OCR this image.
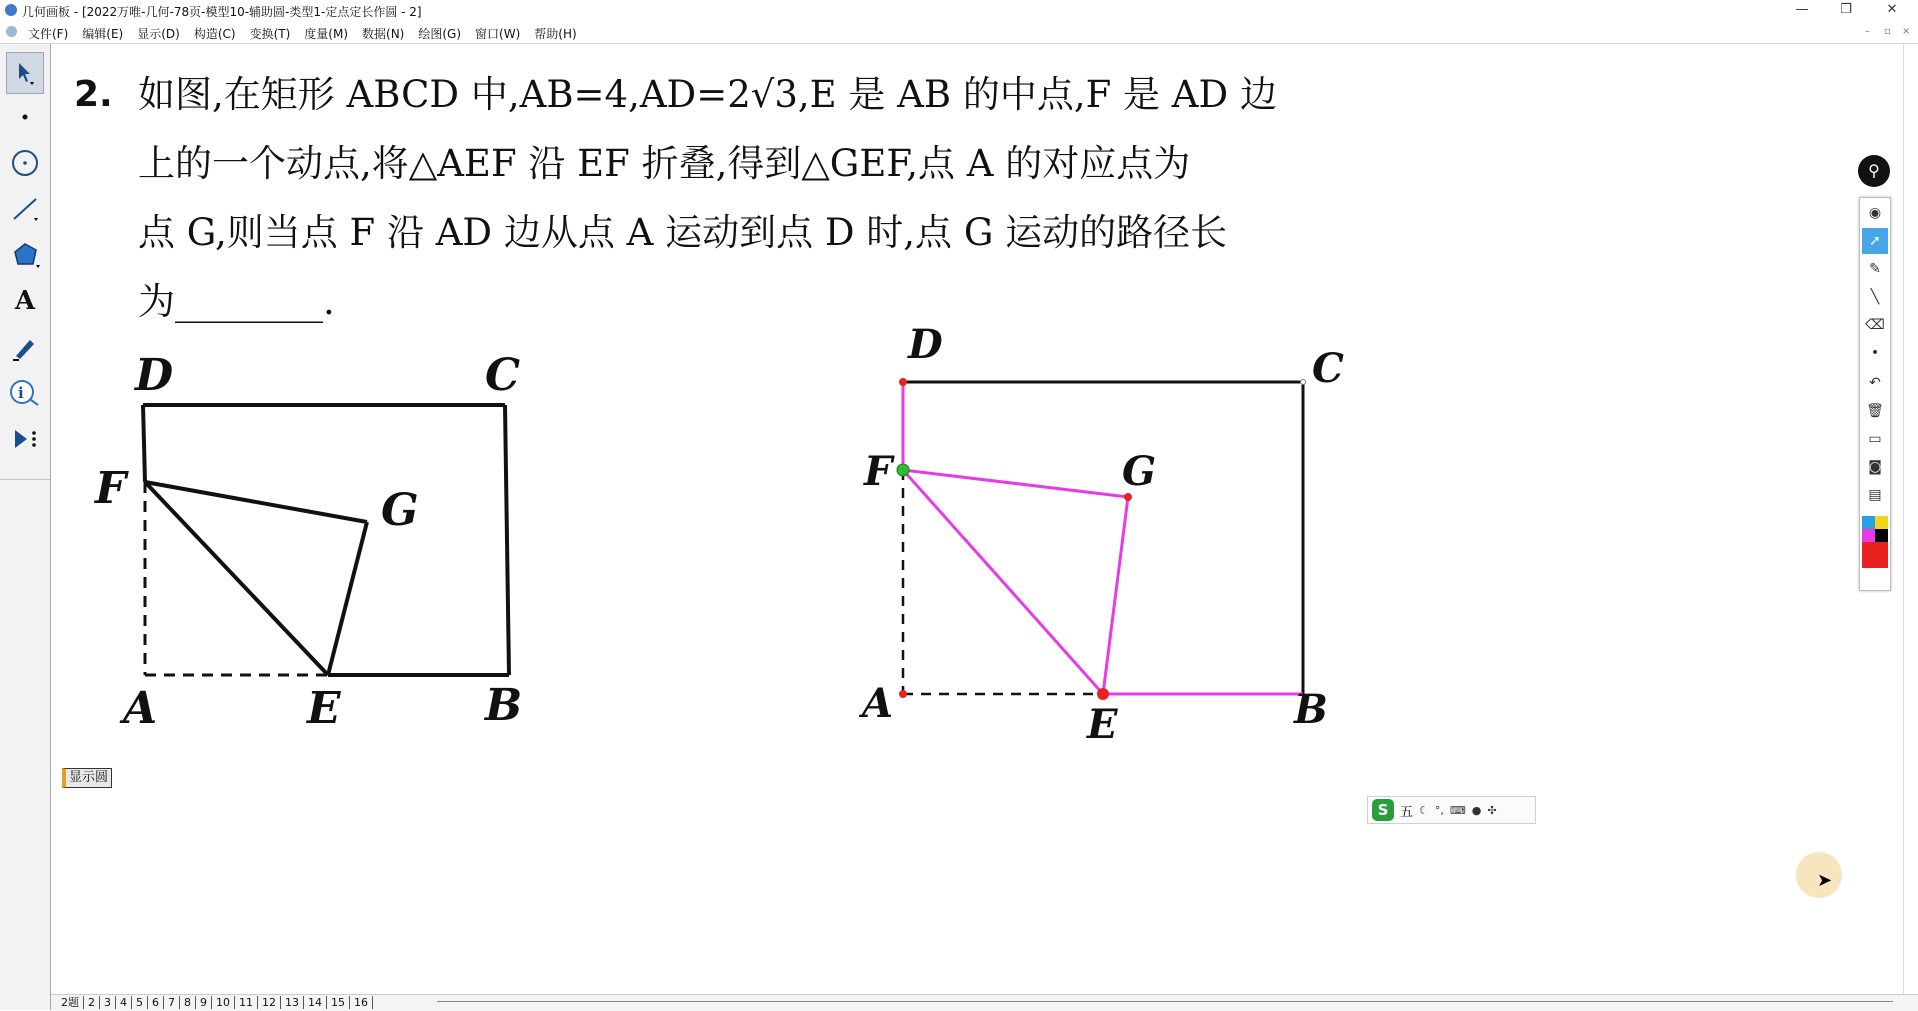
几何画板 - [2022万唯-几何-78页-模型10-辅助圆-类型1-定点定长作圆 - 2]	—	❐	✕
文件(F) 编辑(E) 显示(D) 构造(C) 变换(T) 度量(M) 数据(N) 绘图(G) 窗口(W) 帮助(H)	– ▫ ×
A
i
2. 如图,在矩形 ABCD 中,AB=4,AD=2√3,E 是 AB 的中点,F 是 AD 边
上的一个动点,将△AEF 沿 EF 折叠,得到△GEF,点 A 的对应点为
点 G,则当点 F 沿 AD 边从点 A 运动到点 D 时,点 G 运动的路径长
为________.
D	C
F	G
A	E	B
D
C
F	G
A	E	B
显示圆
S 五 ☾ °, ⌨ ● ✣
➤
⚲
◉
➚
✎
╲
⌫
•
↶
🗑
▭
◙
▤
2题 2 3 4 5 6 7 8 9 10 11 12 13 14 15 16
